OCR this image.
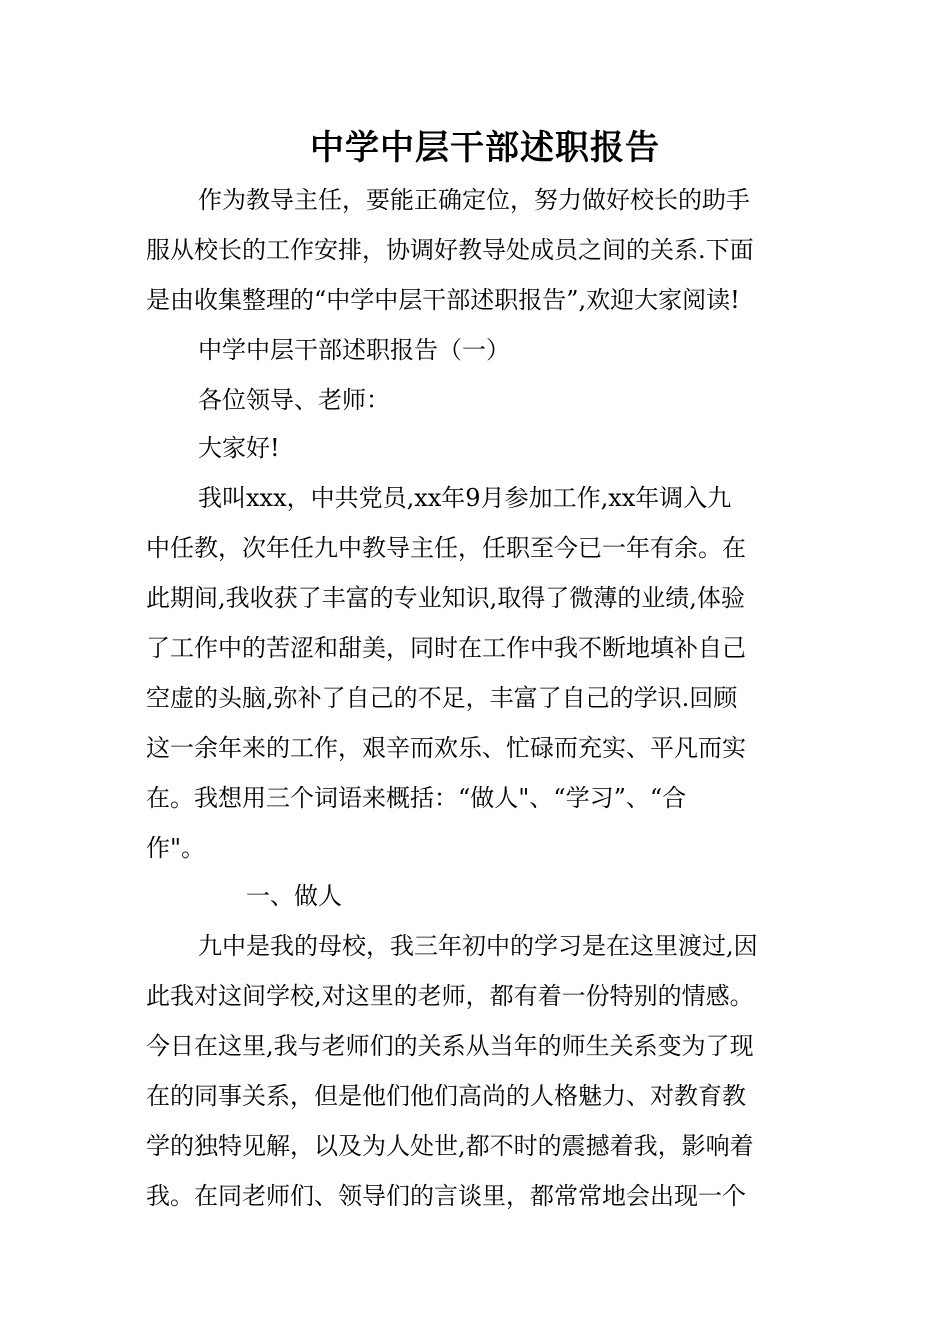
中学中层干部述职报告
作为教导主任，要能正确定位，努力做好校长的助手
服从校长的工作安排，协调好教导处成员之间的关系.下面
是由收集整理的“中学中层干部述职报告”,欢迎大家阅读!
中学中层干部述职报告（一）
各位领导、老师：
大家好!
我叫xxx，中共党员,xx年9月参加工作,xx年调入九
中任教，次年任九中教导主任，任职至今已一年有余。在
此期间,我收获了丰富的专业知识,取得了微薄的业绩,体验
了工作中的苦涩和甜美，同时在工作中我不断地填补自己
空虚的头脑,弥补了自己的不足，丰富了自己的学识.回顾
这一余年来的工作，艰辛而欢乐、忙碌而充实、平凡而实
在。我想用三个词语来概括：“做人"、“学习”、“合
作"。
一、做人
九中是我的母校，我三年初中的学习是在这里渡过,因
此我对这间学校,对这里的老师，都有着一份特别的情感。
今日在这里,我与老师们的关系从当年的师生关系变为了现
在的同事关系，但是他们他们高尚的人格魅力、对教育教
学的独特见解，以及为人处世,都不时的震撼着我，影响着
我。在同老师们、领导们的言谈里，都常常地会出现一个
